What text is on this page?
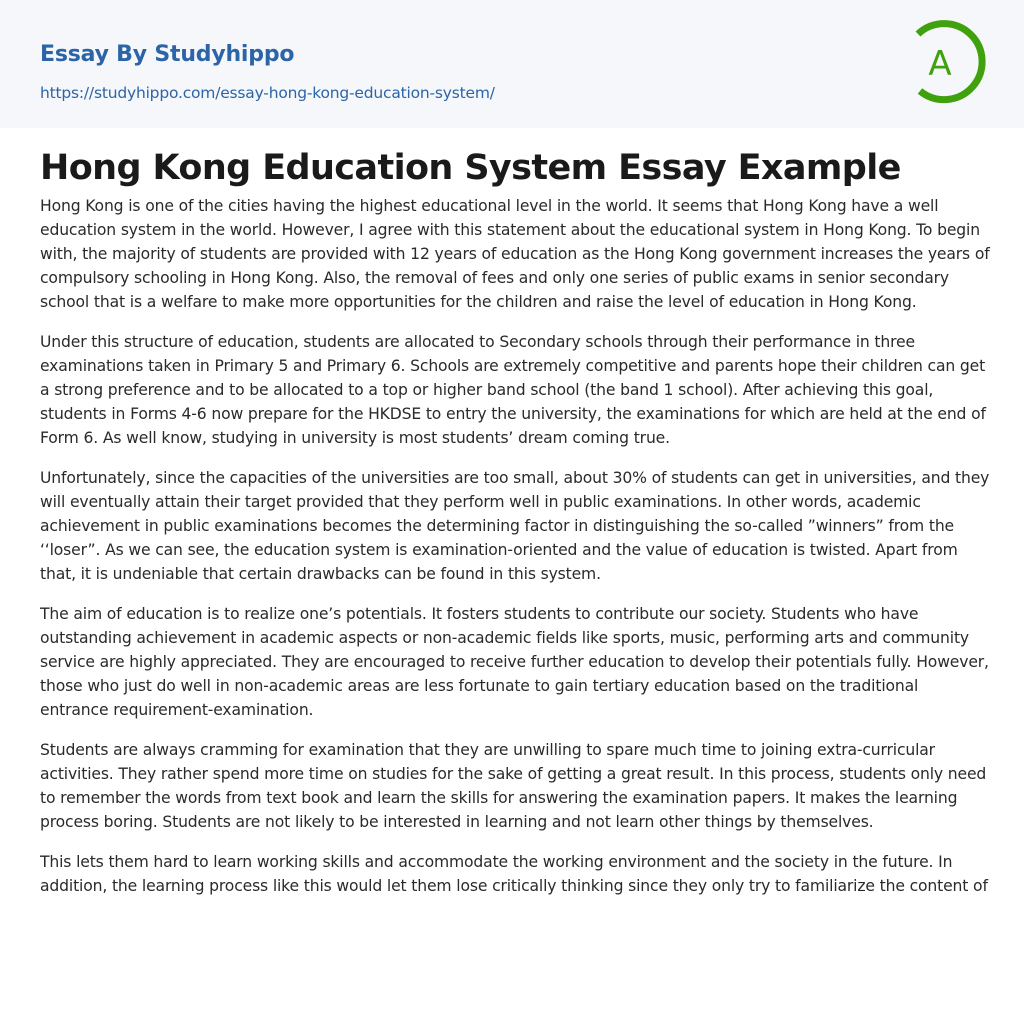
Essay By Studyhippo
https://studyhippo.com/essay-hong-kong-education-system/
A
Hong Kong Education System Essay Example

Hong Kong is one of the cities having the highest educational level in the world. It seems that Hong Kong have a well education system in the world. However, I agree with this statement about the educational system in Hong Kong. To begin with, the majority of students are provided with 12 years of education as the Hong Kong government increases the years of compulsory schooling in Hong Kong. Also, the removal of fees and only one series of public exams in senior secondary school that is a welfare to make more opportunities for the children and raise the level of education in Hong Kong.

Under this structure of education, students are allocated to Secondary schools through their performance in three examinations taken in Primary 5 and Primary 6. Schools are extremely competitive and parents hope their children can get a strong preference and to be allocated to a top or higher band school (the band 1 school). After achieving this goal, students in Forms 4-6 now prepare for the HKDSE to entry the university, the examinations for which are held at the end of Form 6. As well know, studying in university is most students’ dream coming true.

Unfortunately, since the capacities of the universities are too small, about 30% of students can get in universities, and they will eventually attain their target provided that they perform well in public examinations. In other words, academic achievement in public examinations becomes the determining factor in distinguishing the so-called ”winners” from the ‘‘loser”. As we can see, the education system is examination-oriented and the value of education is twisted. Apart from that, it is undeniable that certain drawbacks can be found in this system.

The aim of education is to realize one’s potentials. It fosters students to contribute our society. Students who have outstanding achievement in academic aspects or non-academic fields like sports, music, performing arts and community service are highly appreciated. They are encouraged to receive further education to develop their potentials fully. However, those who just do well in non-academic areas are less fortunate to gain tertiary education based on the traditional entrance requirement-examination.

Students are always cramming for examination that they are unwilling to spare much time to joining extra-curricular activities. They rather spend more time on studies for the sake of getting a great result. In this process, students only need to remember the words from text book and learn the skills for answering the examination papers. It makes the learning process boring. Students are not likely to be interested in learning and not learn other things by themselves.

This lets them hard to learn working skills and accommodate the working environment and the society in the future. In addition, the learning process like this would let them lose critically thinking since they only try to familiarize the content of
